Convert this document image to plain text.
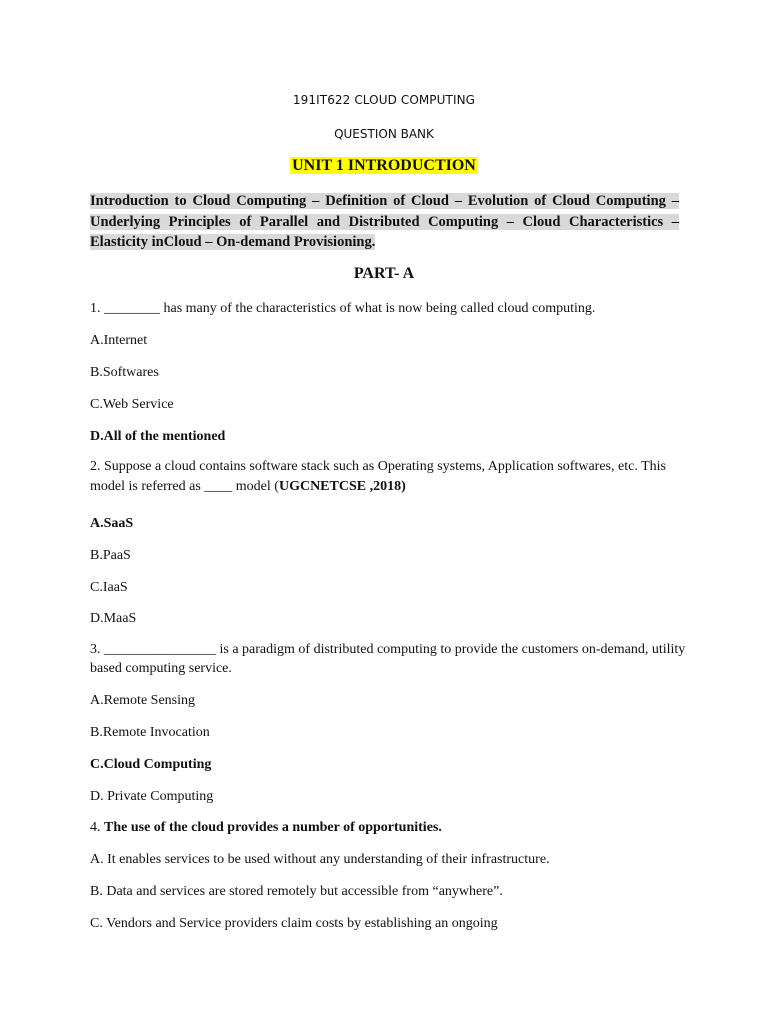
191IT622 CLOUD COMPUTING
QUESTION BANK
UNIT 1 INTRODUCTION
Introduction to Cloud Computing – Definition of Cloud – Evolution of Cloud Computing – Underlying Principles of Parallel and Distributed Computing – Cloud Characteristics – Elasticity inCloud – On-demand Provisioning.
PART- A
1. ________ has many of the characteristics of what is now being called cloud computing.
A.Internet
B.Softwares
C.Web Service
D.All of the mentioned
2. Suppose a cloud contains software stack such as Operating systems, Application softwares, etc. This
model is referred as ____ model (UGCNETCSE ,2018)
A.SaaS
B.PaaS
C.IaaS
D.MaaS
3. ________________ is a paradigm of distributed computing to provide the customers on-demand, utility
based computing service.
A.Remote Sensing
B.Remote Invocation
C.Cloud Computing
D. Private Computing
4. The use of the cloud provides a number of opportunities.
A. It enables services to be used without any understanding of their infrastructure.
B. Data and services are stored remotely but accessible from “anywhere”.
C. Vendors and Service providers claim costs by establishing an ongoing
